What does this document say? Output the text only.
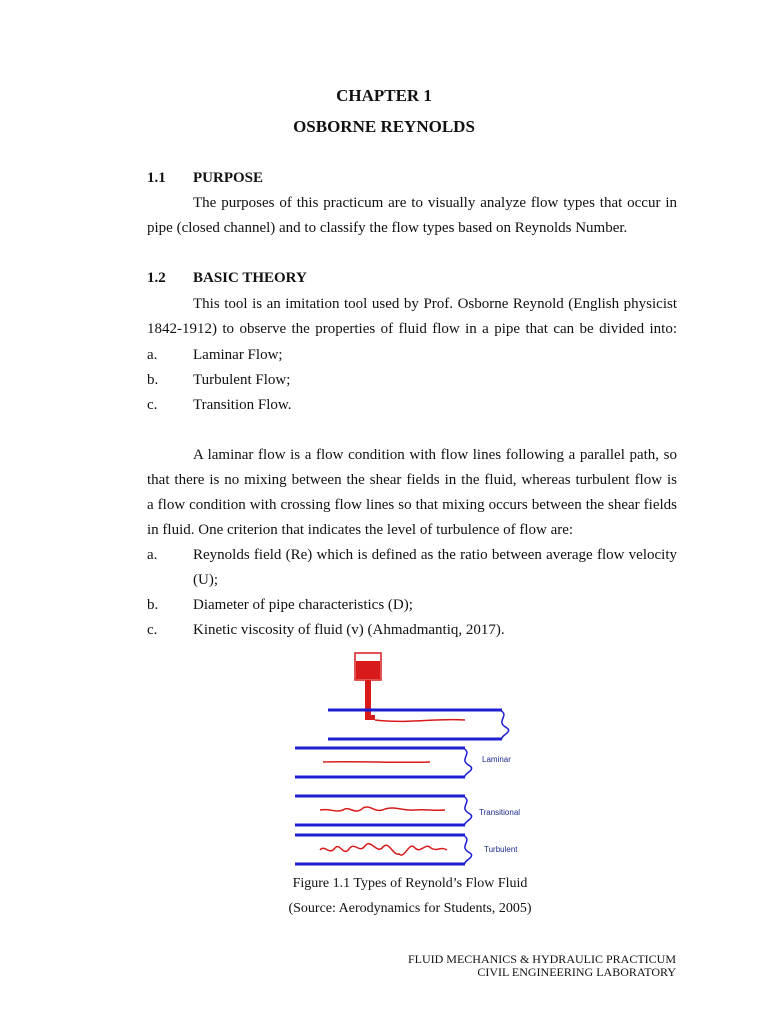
CHAPTER 1
OSBORNE REYNOLDS
1.1 PURPOSE
The purposes of this practicum are to visually analyze flow types that occur in
pipe (closed channel) and to classify the flow types based on Reynolds Number.
1.2 BASIC THEORY
This tool is an imitation tool used by Prof. Osborne Reynold (English physicist
1842-1912) to observe the properties of fluid flow in a pipe that can be divided into:
a. Laminar Flow;
b. Turbulent Flow;
c. Transition Flow.
A laminar flow is a flow condition with flow lines following a parallel path, so
that there is no mixing between the shear fields in the fluid, whereas turbulent flow is
a flow condition with crossing flow lines so that mixing occurs between the shear fields
in fluid. One criterion that indicates the level of turbulence of flow are:
a. Reynolds field (Re) which is defined as the ratio between average flow velocity
(U);
b. Diameter of pipe characteristics (D);
c. Kinetic viscosity of fluid (v) (Ahmadmantiq, 2017).
Laminar
Transitional
Turbulent
Figure 1.1 Types of Reynold’s Flow Fluid
(Source: Aerodynamics for Students, 2005)
FLUID MECHANICS & HYDRAULIC PRACTICUM
CIVIL ENGINEERING LABORATORY
